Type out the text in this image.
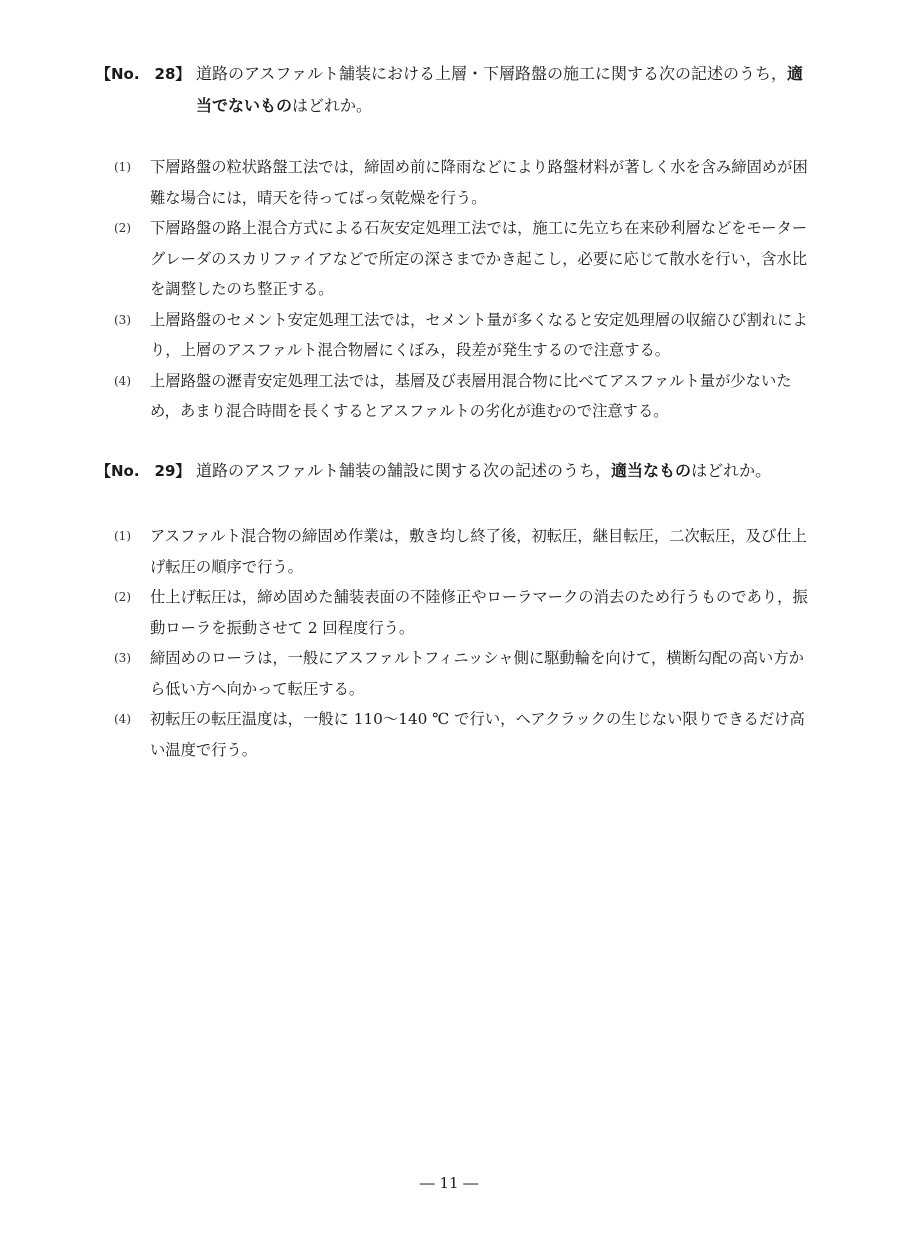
【No.　28】 道路のアスファルト舗装における上層・下層路盤の施工に関する次の記述のうち，適当でないものはどれか。
(1) 下層路盤の粒状路盤工法では，締固め前に降雨などにより路盤材料が著しく水を含み締固めが困難な場合には，晴天を待ってばっ気乾燥を行う。
(2) 下層路盤の路上混合方式による石灰安定処理工法では，施工に先立ち在来砂利層などをモーターグレーダのスカリファイアなどで所定の深さまでかき起こし，必要に応じて散水を行い，含水比を調整したのち整正する。
(3) 上層路盤のセメント安定処理工法では，セメント量が多くなると安定処理層の収縮ひび割れにより，上層のアスファルト混合物層にくぼみ，段差が発生するので注意する。
(4) 上層路盤の瀝青安定処理工法では，基層及び表層用混合物に比べてアスファルト量が少ないため，あまり混合時間を長くするとアスファルトの劣化が進むので注意する。
【No.　29】 道路のアスファルト舗装の舗設に関する次の記述のうち，適当なものはどれか。
(1) アスファルト混合物の締固め作業は，敷き均し終了後，初転圧，継目転圧，二次転圧，及び仕上げ転圧の順序で行う。
(2) 仕上げ転圧は，締め固めた舗装表面の不陸修正やローラマークの消去のため行うものであり，振動ローラを振動させて 2 回程度行う。
(3) 締固めのローラは，一般にアスファルトフィニッシャ側に駆動輪を向けて，横断勾配の高い方から低い方へ向かって転圧する。
(4) 初転圧の転圧温度は，一般に 110～140 ℃ で行い，ヘアクラックの生じない限りできるだけ高い温度で行う。
― 11 ―
